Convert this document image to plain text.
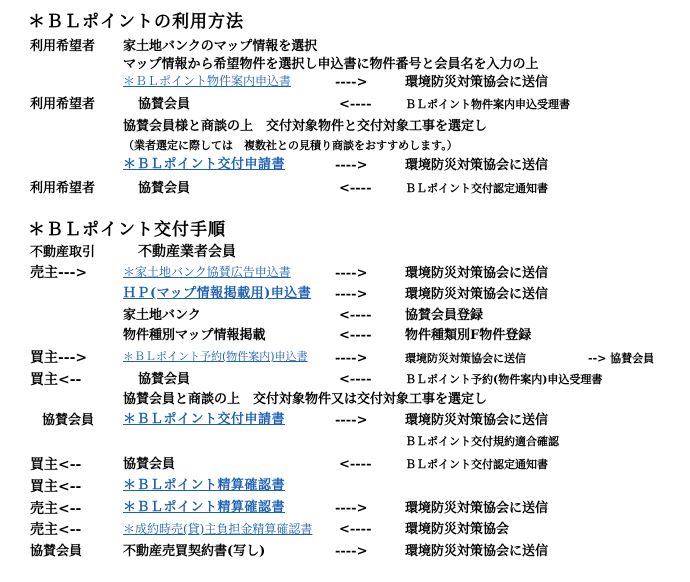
＊ＢＬポイントの利用方法
利用希望者 家土地バンクのマップ情報を選択
マップ情報から希望物件を選択し申込書に物件番号と会員名を入力の上
＊ＢＬポイント物件案内申込書	---->	環境防災対策協会に送信
利用希望者	協賛会員	<----	ＢＬポイント物件案内申込受理書
協賛会員様と商談の上　交付対象物件と交付対象工事を選定し
（業者選定に際しては　複数社との見積り商談をおすすめします。）
＊ＢＬポイント交付申請書	---->	環境防災対策協会に送信
利用希望者	協賛会員	<----	ＢＬポイント交付認定通知書
＊ＢＬポイント交付手順
不動産取引	不動産業者会員
売主--->	＊家土地バンク協賛広告申込書	---->	環境防災対策協会に送信
ＨＰ(マップ情報掲載用)申込書 ---->	環境防災対策協会に送信
家土地バンク	<----	協賛会員登録
物件種別マップ情報掲載	<----	物件種類別F物件登録
買主--->	＊ＢＬポイント予約(物件案内)申込書 ---->	環境防災対策協会に送信	--> 協賛会員
買主<--	協賛会員	<----	ＢＬポイント予約(物件案内)申込受理書
協賛会員と商談の上　交付対象物件又は交付対象工事を選定し
協賛会員 ＊ＢＬポイント交付申請書	---->	環境防災対策協会に送信
ＢＬポイント交付規約適合確認
買主<--	協賛会員	<----	ＢＬポイント交付認定通知書
買主<--	＊ＢＬポイント精算確認書
売主<--	＊ＢＬポイント精算確認書	---->	環境防災対策協会に送信
売主<--	＊成約時売(貸)主負担金精算確認書 <----	環境防災対策協会
協賛会員	不動産売買契約書(写し)	---->	環境防災対策協会に送信
